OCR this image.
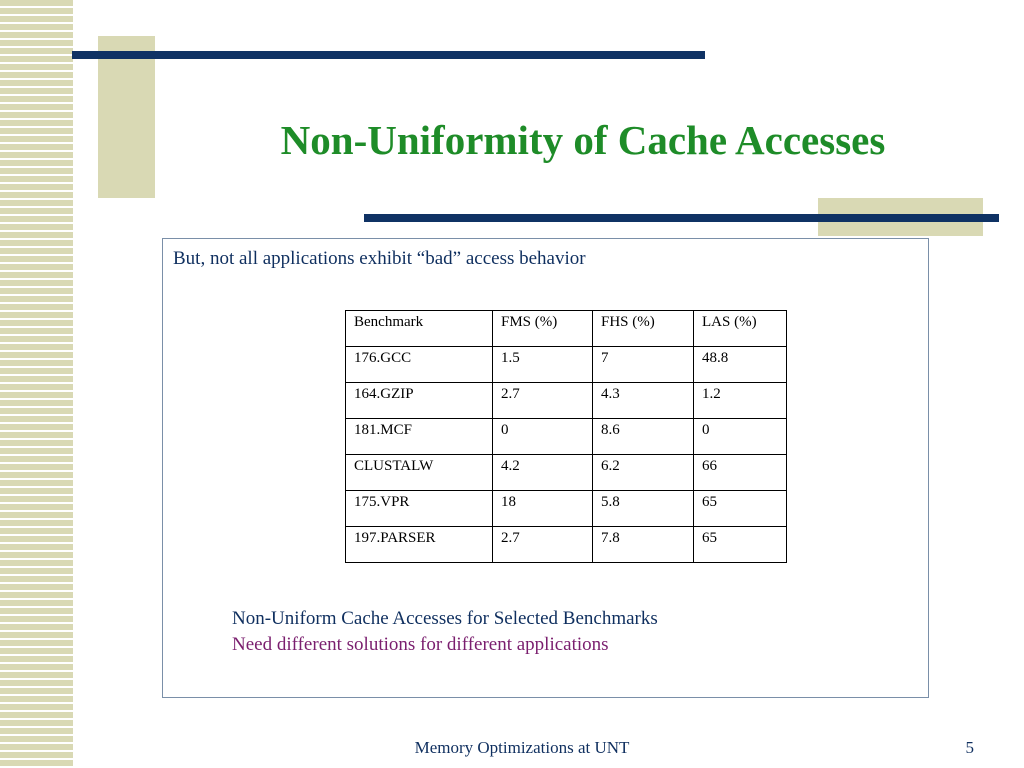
Non-Uniformity of Cache Accesses
But, not all applications exhibit “bad” access behavior
Benchmark	FMS (%)	FHS (%)	LAS (%)
176.GCC	1.5	7	48.8
164.GZIP	2.7	4.3	1.2
181.MCF	0	8.6	0
CLUSTALW	4.2	6.2	66
175.VPR	18	5.8	65
197.PARSER	2.7	7.8	65
Non-Uniform Cache Accesses for Selected Benchmarks
Need different solutions for different applications
Memory Optimizations at UNT	5
